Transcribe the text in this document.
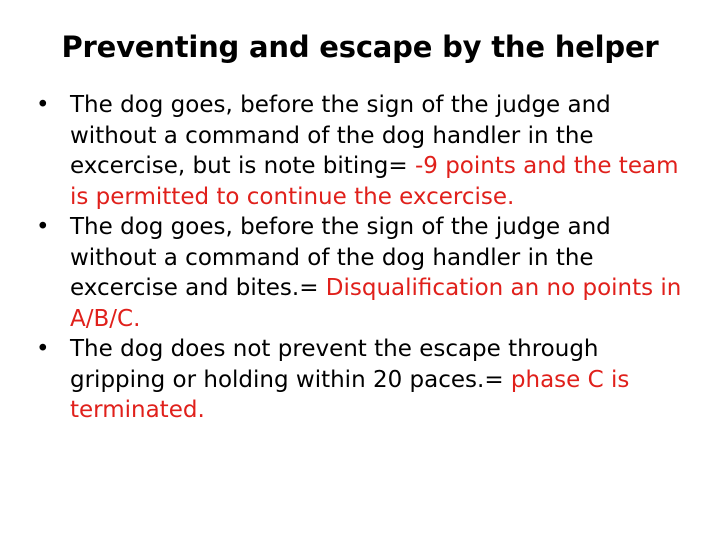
Preventing and escape by the helper
• The dog goes, before the sign of the judge and without a command of the dog handler in the excercise, but is note biting= -9 points and the team is permitted to continue the excercise.
• The dog goes, before the sign of the judge and without a command of the dog handler in the excercise and bites.= Disqualification an no points in A/B/C.
• The dog does not prevent the escape through gripping or holding within 20 paces.= phase C is terminated.
